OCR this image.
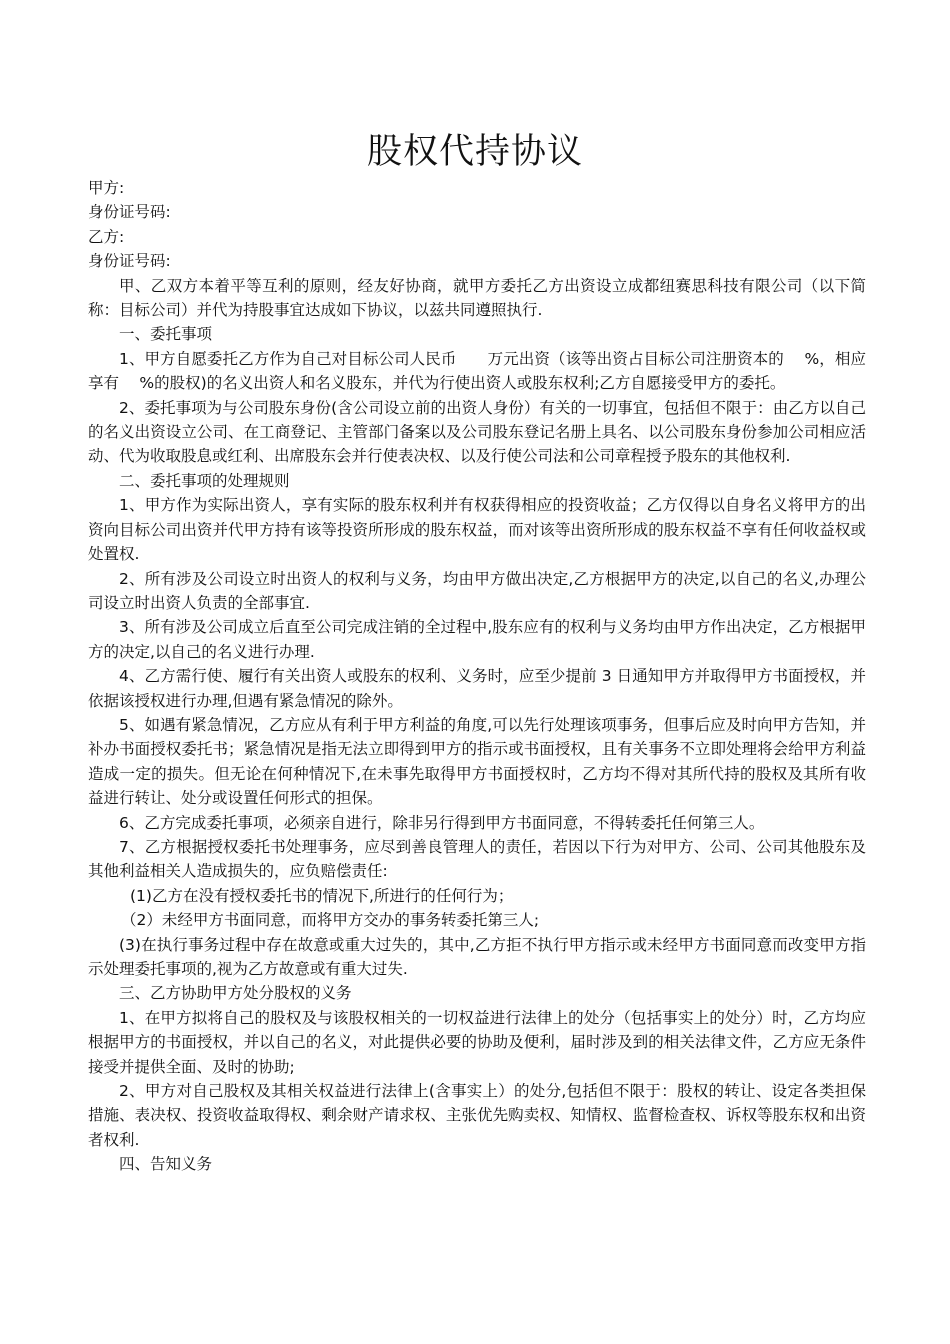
股权代持协议

甲方:

身份证号码:

乙方:

身份证号码:

甲、乙双方本着平等互利的原则，经友好协商，就甲方委托乙方出资设立成都纽赛思科技有限公司（以下简称：目标公司）并代为持股事宜达成如下协议，以兹共同遵照执行.

一、委托事项

1、甲方自愿委托乙方作为自己对目标公司人民币　　万元出资（该等出资占目标公司注册资本的　 %，相应享有　 %的股权)的名义出资人和名义股东，并代为行使出资人或股东权利;乙方自愿接受甲方的委托。

2、委托事项为与公司股东身份(含公司设立前的出资人身份）有关的一切事宜，包括但不限于：由乙方以自己的名义出资设立公司、在工商登记、主管部门备案以及公司股东登记名册上具名、以公司股东身份参加公司相应活动、代为收取股息或红利、出席股东会并行使表决权、以及行使公司法和公司章程授予股东的其他权利.

二、委托事项的处理规则

1、甲方作为实际出资人，享有实际的股东权利并有权获得相应的投资收益；乙方仅得以自身名义将甲方的出资向目标公司出资并代甲方持有该等投资所形成的股东权益，而对该等出资所形成的股东权益不享有任何收益权或处置权.

2、所有涉及公司设立时出资人的权利与义务，均由甲方做出决定,乙方根据甲方的决定,以自己的名义,办理公司设立时出资人负责的全部事宜.

3、所有涉及公司成立后直至公司完成注销的全过程中,股东应有的权利与义务均由甲方作出决定，乙方根据甲方的决定,以自己的名义进行办理.

4、乙方需行使、履行有关出资人或股东的权利、义务时，应至少提前 3 日通知甲方并取得甲方书面授权，并依据该授权进行办理,但遇有紧急情况的除外。

5、如遇有紧急情况，乙方应从有利于甲方利益的角度,可以先行处理该项事务，但事后应及时向甲方告知，并补办书面授权委托书；紧急情况是指无法立即得到甲方的指示或书面授权，且有关事务不立即处理将会给甲方利益造成一定的损失。但无论在何种情况下,在未事先取得甲方书面授权时，乙方均不得对其所代持的股权及其所有收益进行转让、处分或设置任何形式的担保。

6、乙方完成委托事项，必须亲自进行，除非另行得到甲方书面同意，不得转委托任何第三人。

7、乙方根据授权委托书处理事务，应尽到善良管理人的责任，若因以下行为对甲方、公司、公司其他股东及其他利益相关人造成损失的，应负赔偿责任:

(1)乙方在没有授权委托书的情况下,所进行的任何行为；

（2）未经甲方书面同意，而将甲方交办的事务转委托第三人;

(3)在执行事务过程中存在故意或重大过失的，其中,乙方拒不执行甲方指示或未经甲方书面同意而改变甲方指示处理委托事项的,视为乙方故意或有重大过失.

三、乙方协助甲方处分股权的义务

1、在甲方拟将自己的股权及与该股权相关的一切权益进行法律上的处分（包括事实上的处分）时，乙方均应根据甲方的书面授权，并以自己的名义，对此提供必要的协助及便利，届时涉及到的相关法律文件，乙方应无条件接受并提供全面、及时的协助;

2、甲方对自己股权及其相关权益进行法律上(含事实上）的处分,包括但不限于：股权的转让、设定各类担保措施、表决权、投资收益取得权、剩余财产请求权、主张优先购卖权、知情权、监督检查权、诉权等股东权和出资者权利.

四、告知义务
